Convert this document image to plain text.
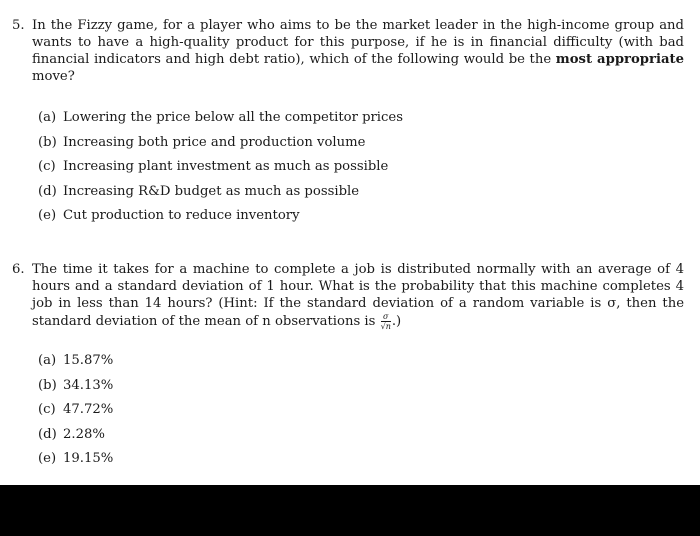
5. In the Fizzy game, for a player who aims to be the market leader in the high-income group and wants to have a high-quality product for this purpose, if he is in financial difficulty (with bad financial indicators and high debt ratio), which of the following would be the most appropriate move?
(a) Lowering the price below all the competitor prices
(b) Increasing both price and production volume
(c) Increasing plant investment as much as possible
(d) Increasing R&D budget as much as possible
(e) Cut production to reduce inventory
6. The time it takes for a machine to complete a job is distributed normally with an average of 4 hours and a standard deviation of 1 hour. What is the probability that this machine completes 4 job in less than 14 hours? (Hint: If the standard deviation of a random variable is σ, then the standard deviation of the mean of n observations is $\frac{\sigma}{√n}$ .)
(a) 15.87%
(b) 34.13%
(c) 47.72%
(d) 2.28%
(e) 19.15%
